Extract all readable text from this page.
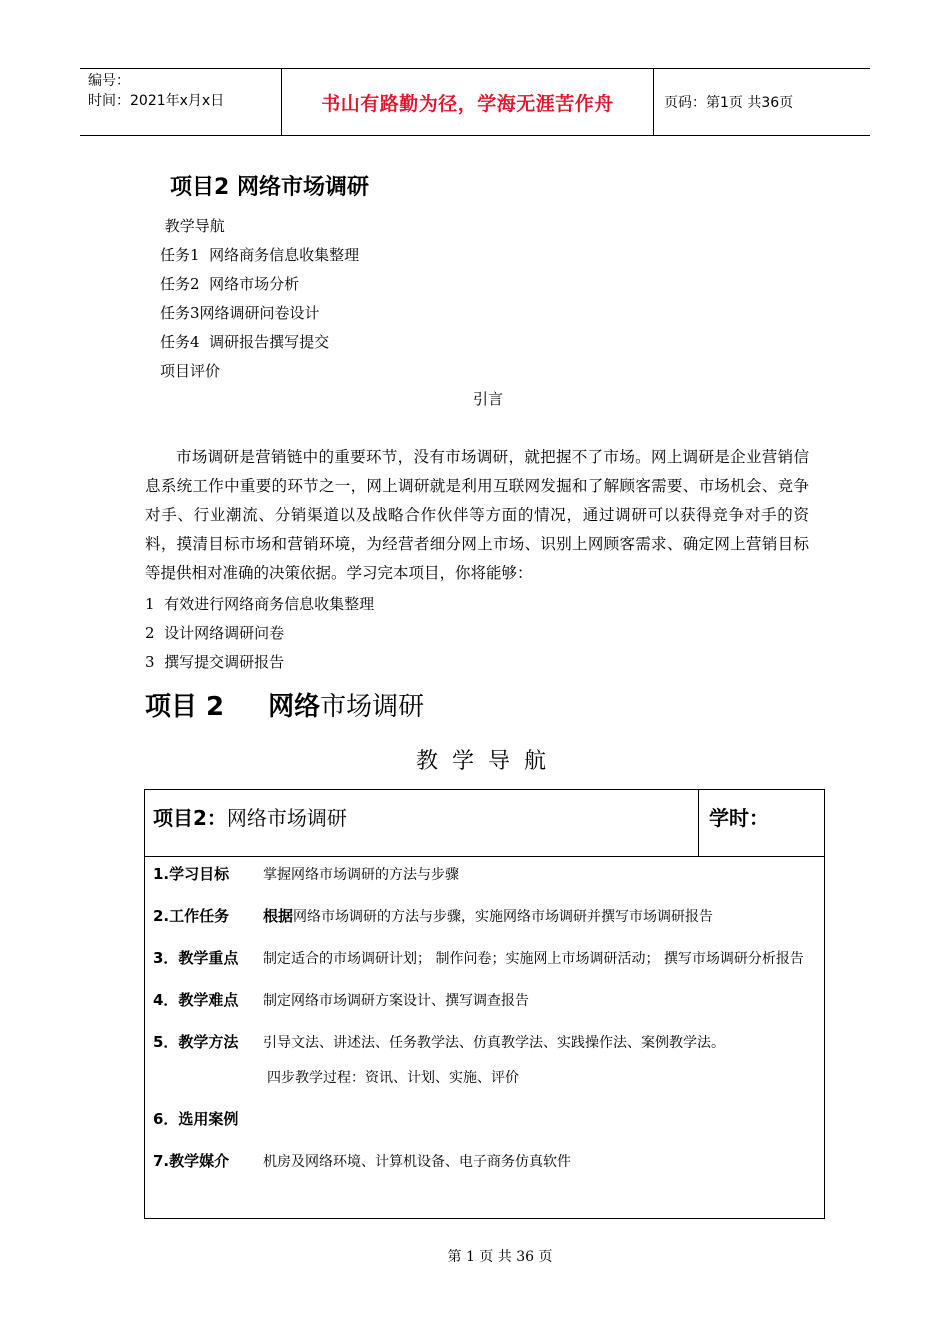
编号：
时间：2021年x月x日	书山有路勤为径，学海无涯苦作舟	页码：第1页 共36页
项目2 网络市场调研
教学导航
任务1  网络商务信息收集整理
任务2  网络市场分析
任务3网络调研问卷设计
任务4  调研报告撰写提交
项目评价
引言
市场调研是营销链中的重要环节，没有市场调研，就把握不了市场。网上调研是企业营销信息系统工作中重要的环节之一，网上调研就是利用互联网发掘和了解顾客需要、市场机会、竞争对手、行业潮流、分销渠道以及战略合作伙伴等方面的情况，通过调研可以获得竞争对手的资料，摸清目标市场和营销环境，为经营者细分网上市场、识别上网顾客需求、确定网上营销目标等提供相对准确的决策依据。学习完本项目，你将能够：
1  有效进行网络商务信息收集整理
2  设计网络调研问卷
3  撰写提交调研报告
项目 2 网络 市场调研
教学导航
项目2：网络市场调研	学时：
1.学习目标 掌握网络市场调研的方法与步骤
2.工作任务 根据网络市场调研的方法与步骤，实施网络市场调研并撰写市场调研报告
3．教学重点 制定适合的市场调研计划； 制作问卷；实施网上市场调研活动； 撰写市场调研分析报告
4．教学难点 制定网络市场调研方案设计、撰写调查报告
5．教学方法 引导文法、讲述法、任务教学法、仿真教学法、实践操作法、案例教学法。
四步教学过程：资讯、计划、实施、评价
6．选用案例
7.教学媒介 机房及网络环境、计算机设备、电子商务仿真软件
第 1 页 共 36 页
